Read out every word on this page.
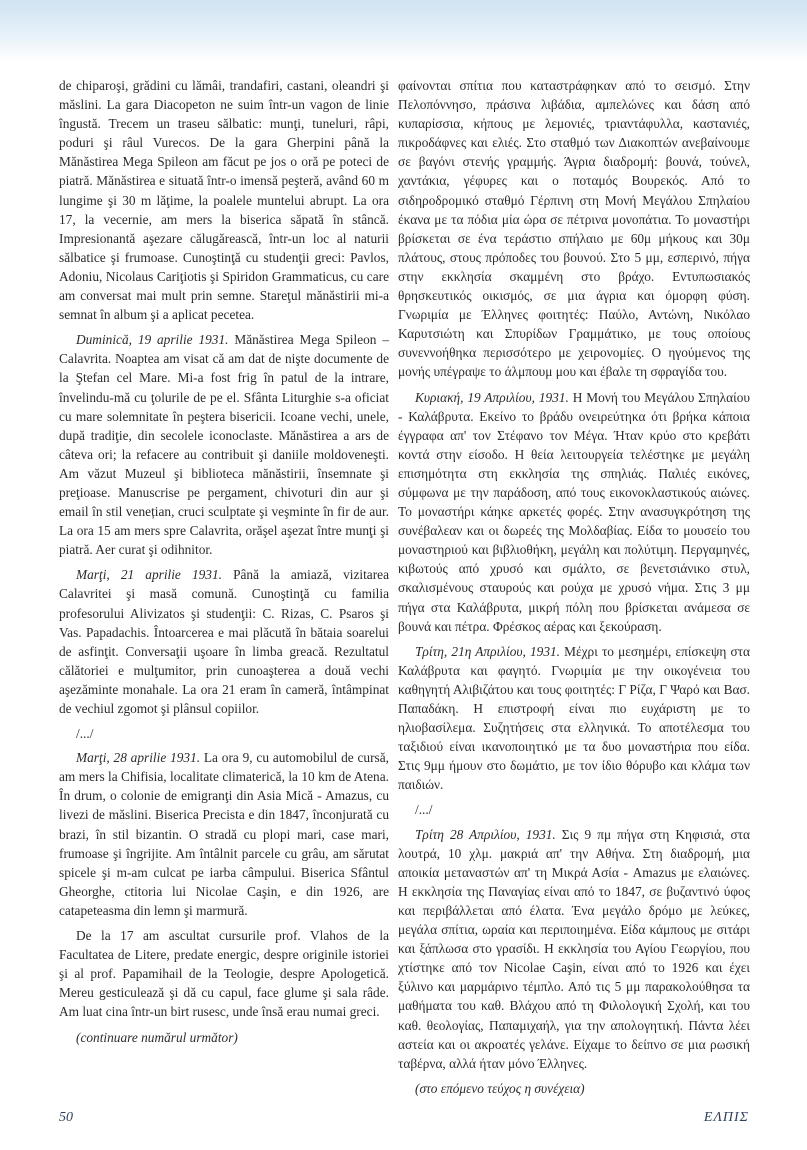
de chiparoşi, grădini cu lămâi, trandafiri, castani, oleandri şi măslini. La gara Diacopeton ne suim într-un vagon de linie îngustă. Trecem un traseu sălbatic: munţi, tuneluri, râpi, poduri şi râul Vurecos. De la gara Gherpini până la Mănăstirea Mega Spileon am făcut pe jos o oră pe poteci de piatră. Mănăstirea e situată într-o imensă peşteră, având 60 m lungime şi 30 m lăţime, la poalele muntelui abrupt. La ora 17, la vecernie, am mers la biserica săpată în stâncă. Impresionantă aşezare călugărească, într-un loc al naturii sălbatice şi frumoase. Cunoştinţă cu studenţii greci: Pavlos, Adoniu, Nicolaus Cariţiotis şi Spiridon Grammaticus, cu care am conversat mai mult prin semne. Stareţul mănăstirii mi-a semnat în album şi a aplicat pecetea.

Duminică, 19 aprilie 1931. Mănăstirea Mega Spileon – Calavrita. Noaptea am visat că am dat de nişte documente de la Ştefan cel Mare. Mi-a fost frig în patul de la intrare, învelindu-mă cu ţolurile de pe el. Sfânta Liturghie s-a oficiat cu mare solemnitate în peştera bisericii. Icoane vechi, unele, după tradiţie, din secolele iconoclaste. Mănăstirea a ars de câteva ori; la refacere au contribuit şi daniile moldoveneşti. Am văzut Muzeul şi biblioteca mănăstirii, însemnate şi preţioase. Manuscrise pe pergament, chivoturi din aur şi email în stil venețian, cruci sculptate şi veşminte în fir de aur. La ora 15 am mers spre Calavrita, orăşel aşezat între munţi şi piatră. Aer curat şi odihnitor.

Marţi, 21 aprilie 1931. Până la amiază, vizitarea Calavritei şi masă comună. Cunoştinţă cu familia profesorului Alivizatos şi studenţii: C. Rizas, C. Psaros şi Vas. Papadachis. Întoarcerea e mai plăcută în bătaia soarelui de asfinţit. Conversaţii uşoare în limba greacă. Rezultatul călătoriei e mulţumitor, prin cunoaşterea a două vechi aşezăminte monahale. La ora 21 eram în cameră, întâmpinat de vechiul zgomot şi plânsul copiilor.

/.../

Marţi, 28 aprilie 1931. La ora 9, cu automobilul de cursă, am mers la Chifisia, localitate climaterică, la 10 km de Atena. În drum, o colonie de emigranţi din Asia Mică - Amazus, cu livezi de măslini. Biserica Precista e din 1847, înconjurată cu brazi, în stil bizantin. O stradă cu plopi mari, case mari, frumoase şi îngrijite. Am întâlnit parcele cu grâu, am sărutat spicele şi m-am culcat pe iarba câmpului. Biserica Sfântul Gheorghe, ctitoria lui Nicolae Caşin, e din 1926, are catapeteasma din lemn şi marmură.

De la 17 am ascultat cursurile prof. Vlahos de la Facultatea de Litere, predate energic, despre originile istoriei şi al prof. Papamihail de la Teologie, despre Apologetică. Mereu gesticulează şi dă cu capul, face glume şi sala râde. Am luat cina într-un birt rusesc, unde însă erau numai greci.

(continuare numărul următor)

φαίνονται σπίτια που καταστράφηκαν από το σεισμό. Στην Πελοπόννησο, πράσινα λιβάδια, αμπελώνες και δάση από κυπαρίσσια, κήπους με λεμονιές, τριαντάφυλλα, καστανιές, πικροδάφνες και ελιές. Στο σταθμό των Διακοπτών ανεβαίνουμε σε βαγόνι στενής γραμμής. Άγρια διαδρομή: βουνά, τούνελ, χαντάκια, γέφυρες και ο ποταμός Βουρεκός. Από το σιδηροδρομικό σταθμό Γέρπινη στη Μονή Μεγάλου Σπηλαίου έκανα με τα πόδια μία ώρα σε πέτρινα μονοπάτια. Το μοναστήρι βρίσκεται σε ένα τεράστιο σπήλαιο με 60μ μήκους και 30μ πλάτους, στους πρόποδες του βουνού. Στο 5 μμ, εσπερινό, πήγα στην εκκλησία σκαμμένη στο βράχο. Εντυπωσιακός θρησκευτικός οικισμός, σε μια άγρια και όμορφη φύση. Γνωριμία με Έλληνες φοιτητές: Παύλο, Αντώνη, Νικόλαο Καρυτσιώτη και Σπυρίδων Γραμμάτικο, με τους οποίους συνεννοήθηκα περισσότερο με χειρονομίες. Ο ηγούμενος της μονής υπέγραψε το άλμπουμ μου και έβαλε τη σφραγίδα του.

Κυριακή, 19 Απριλίου, 1931. Η Μονή του Μεγάλου Σπηλαίου - Καλάβρυτα. Εκείνο το βράδυ ονειρεύτηκα ότι βρήκα κάποια έγγραφα απ' τον Στέφανο τον Μέγα. Ήταν κρύο στο κρεβάτι κοντά στην είσοδο. Η θεία λειτουργεία τελέστηκε με μεγάλη επισημότητα στη εκκλησία της σπηλιάς. Παλιές εικόνες, σύμφωνα με την παράδοση, από τους εικονοκλαστικούς αιώνες. Το μοναστήρι κάηκε αρκετές φορές. Στην ανασυγκρότηση της συνέβαλεαν και οι δωρεές της Μολδαβίας. Είδα το μουσείο του μοναστηριού και βιβλιοθήκη, μεγάλη και πολύτιμη. Περγαμηνές, κιβωτούς από χρυσό και σμάλτο, σε βενετσιάνικο στυλ, σκαλισμένους σταυρούς και ρούχα με χρυσό νήμα. Στις 3 μμ πήγα στα Καλάβρυτα, μικρή πόλη που βρίσκεται ανάμεσα σε βουνά και πέτρα. Φρέσκος αέρας και ξεκούραση.

Τρίτη, 21η Απριλίου, 1931. Μέχρι το μεσημέρι, επίσκεψη στα Καλάβρυτα και φαγητό. Γνωριμία με την οικογένεια του καθηγητή Αλιβιζάτου και τους φοιτητές: Γ Ρίζα, Γ Ψαρό και Βασ. Παπαδάκη. Η επιστροφή είναι πιο ευχάριστη με το ηλιοβασίλεμα. Συζητήσεις στα ελληνικά. Το αποτέλεσμα του ταξιδιού είναι ικανοποιητικό με τα δυο μοναστήρια που είδα. Στις 9μμ ήμουν στο δωμάτιο, με τον ίδιο θόρυβο και κλάμα των παιδιών.

/.../

Τρίτη 28 Απριλίου, 1931. Σις 9 πμ πήγα στη Κηφισιά, στα λουτρά, 10 χλμ. μακριά απ' την Αθήνα. Στη διαδρομή, μια αποικία μεταναστών απ' τη Μικρά Ασία - Amazus με ελαιώνες. Η εκκλησία της Παναγίας είναι από το 1847, σε βυζαντινό ύφος και περιβάλλεται από έλατα. Ένα μεγάλο δρόμο με λεύκες, μεγάλα σπίτια, ωραία και περιποιημένα. Είδα κάμπους με σιτάρι και ξάπλωσα στο γρασίδι. Η εκκλησία του Αγίου Γεωργίου, που χτίστηκε από τον Nicolae Caşin, είναι από το 1926 και έχει ξύλινο και μαρμάρινο τέμπλο. Από τις 5 μμ παρακολούθησα τα μαθήματα του καθ. Βλάχου από τη Φιλολογική Σχολή, και του καθ. θεολογίας, Παπαμιχαήλ, για την απολογητική. Πάντα λέει αστεία και οι ακροατές γελάνε. Είχαμε το δείπνο σε μια ρωσική ταβέρνα, αλλά ήταν μόνο Έλληνες.

(στο επόμενο τεύχος η συνέχεια)

50	ΕΛΠΙΣ
